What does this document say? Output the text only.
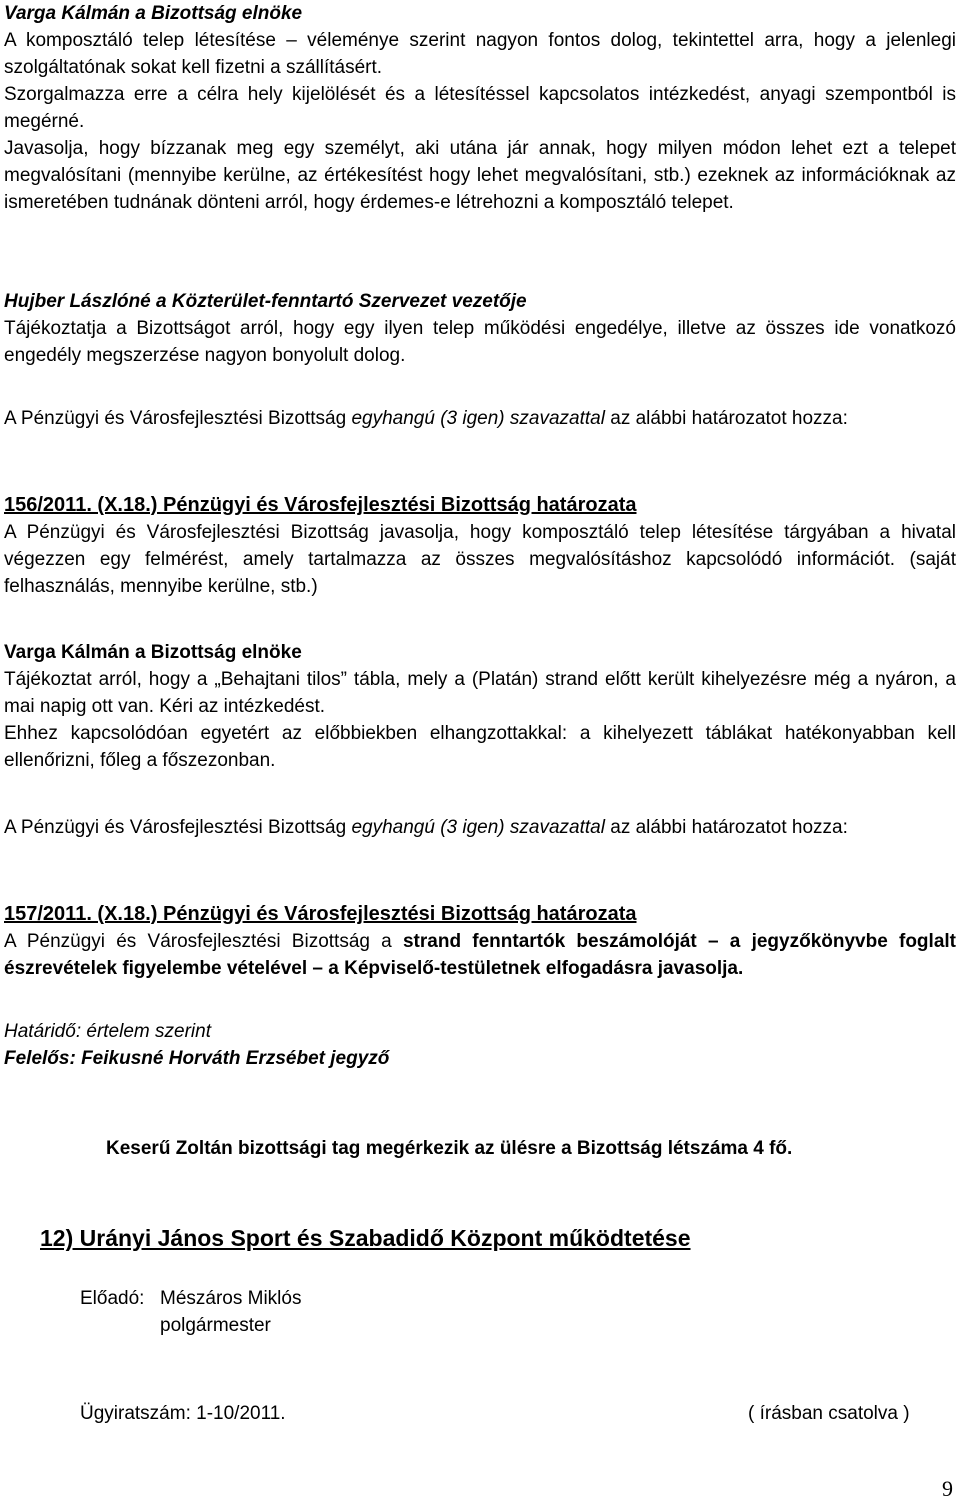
Varga Kálmán a Bizottság elnöke

A komposztáló telep létesítése – véleménye szerint nagyon fontos dolog, tekintettel arra, hogy a jelenlegi szolgáltatónak sokat kell fizetni a szállításért.

Szorgalmazza erre a célra hely kijelölését és a létesítéssel kapcsolatos intézkedést, anyagi szempontból is megérné.

Javasolja, hogy bízzanak meg egy személyt, aki utána jár annak, hogy milyen módon lehet ezt a telepet megvalósítani (mennyibe kerülne, az értékesítést hogy lehet megvalósítani, stb.) ezeknek az információknak az ismeretében tudnának dönteni arról, hogy érdemes-e létrehozni a komposztáló telepet.

Hujber Lászlóné a Közterület-fenntartó Szervezet vezetője

Tájékoztatja a Bizottságot arról, hogy egy ilyen telep működési engedélye, illetve az összes ide vonatkozó engedély megszerzése nagyon bonyolult dolog.

A Pénzügyi és Városfejlesztési Bizottság egyhangú (3 igen) szavazattal az alábbi határozatot hozza:

156/2011. (X.18.) Pénzügyi és Városfejlesztési Bizottság határozata

A Pénzügyi és Városfejlesztési Bizottság javasolja, hogy komposztáló telep létesítése tárgyában a hivatal végezzen egy felmérést, amely tartalmazza az összes megvalósításhoz kapcsolódó információt. (saját felhasználás, mennyibe kerülne, stb.)

Varga Kálmán a Bizottság elnöke

Tájékoztat arról, hogy a „Behajtani tilos” tábla, mely a (Platán) strand előtt került kihelyezésre még a nyáron, a mai napig ott van. Kéri az intézkedést.

Ehhez kapcsolódóan egyetért az előbbiekben elhangzottakkal: a kihelyezett táblákat hatékonyabban kell ellenőrizni, főleg a főszezonban.

A Pénzügyi és Városfejlesztési Bizottság egyhangú (3 igen) szavazattal az alábbi határozatot hozza:

157/2011. (X.18.) Pénzügyi és Városfejlesztési Bizottság határozata

A Pénzügyi és Városfejlesztési Bizottság a strand fenntartók beszámolóját – a jegyzőkönyvbe foglalt észrevételek figyelembe vételével – a Képviselő-testületnek elfogadásra javasolja.

Határidő: értelem szerint

Felelős: Feikusné Horváth Erzsébet jegyző

Keserű Zoltán bizottsági tag megérkezik az ülésre a Bizottság létszáma 4 fő.
12) Urányi János Sport és Szabadidő Központ működtetése
Előadó: Mészáros Miklós
polgármester
Ügyiratszám: 1-10/2011.	( írásban csatolva )
9
